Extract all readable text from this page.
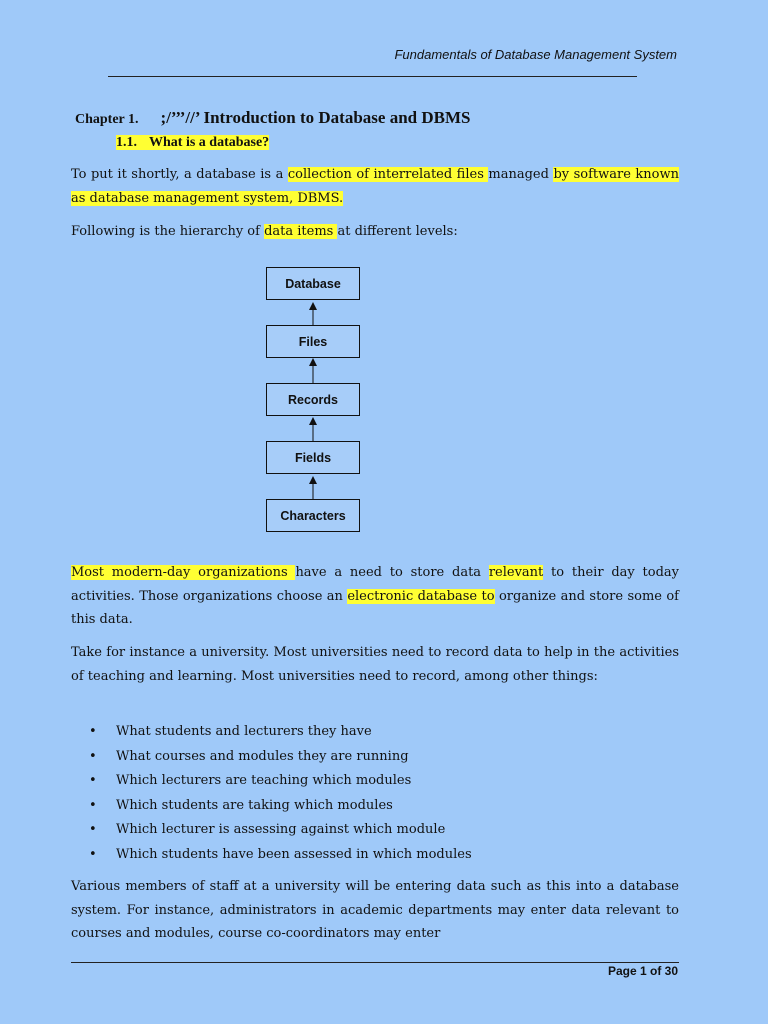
Fundamentals of Database Management System
Chapter 1. ;/’’’//’ Introduction to Database and DBMS
1.1. What is a database?
To put it shortly, a database is a collection of interrelated files managed by software known as database management system, DBMS.
Following is the hierarchy of data items at different levels:
Database
Files
Records
Fields
Characters
Most modern-day organizations have a need to store data relevant to their day today activities. Those organizations choose an electronic database to organize and store some of this data.
Take for instance a university. Most universities need to record data to help in the activities of teaching and learning. Most universities need to record, among other things:
• What students and lecturers they have
• What courses and modules they are running
• Which lecturers are teaching which modules
• Which students are taking which modules
• Which lecturer is assessing against which module
• Which students have been assessed in which modules
Various members of staff at a university will be entering data such as this into a database system. For instance, administrators in academic departments may enter data relevant to courses and modules, course co-coordinators may enter
Page 1 of 30
